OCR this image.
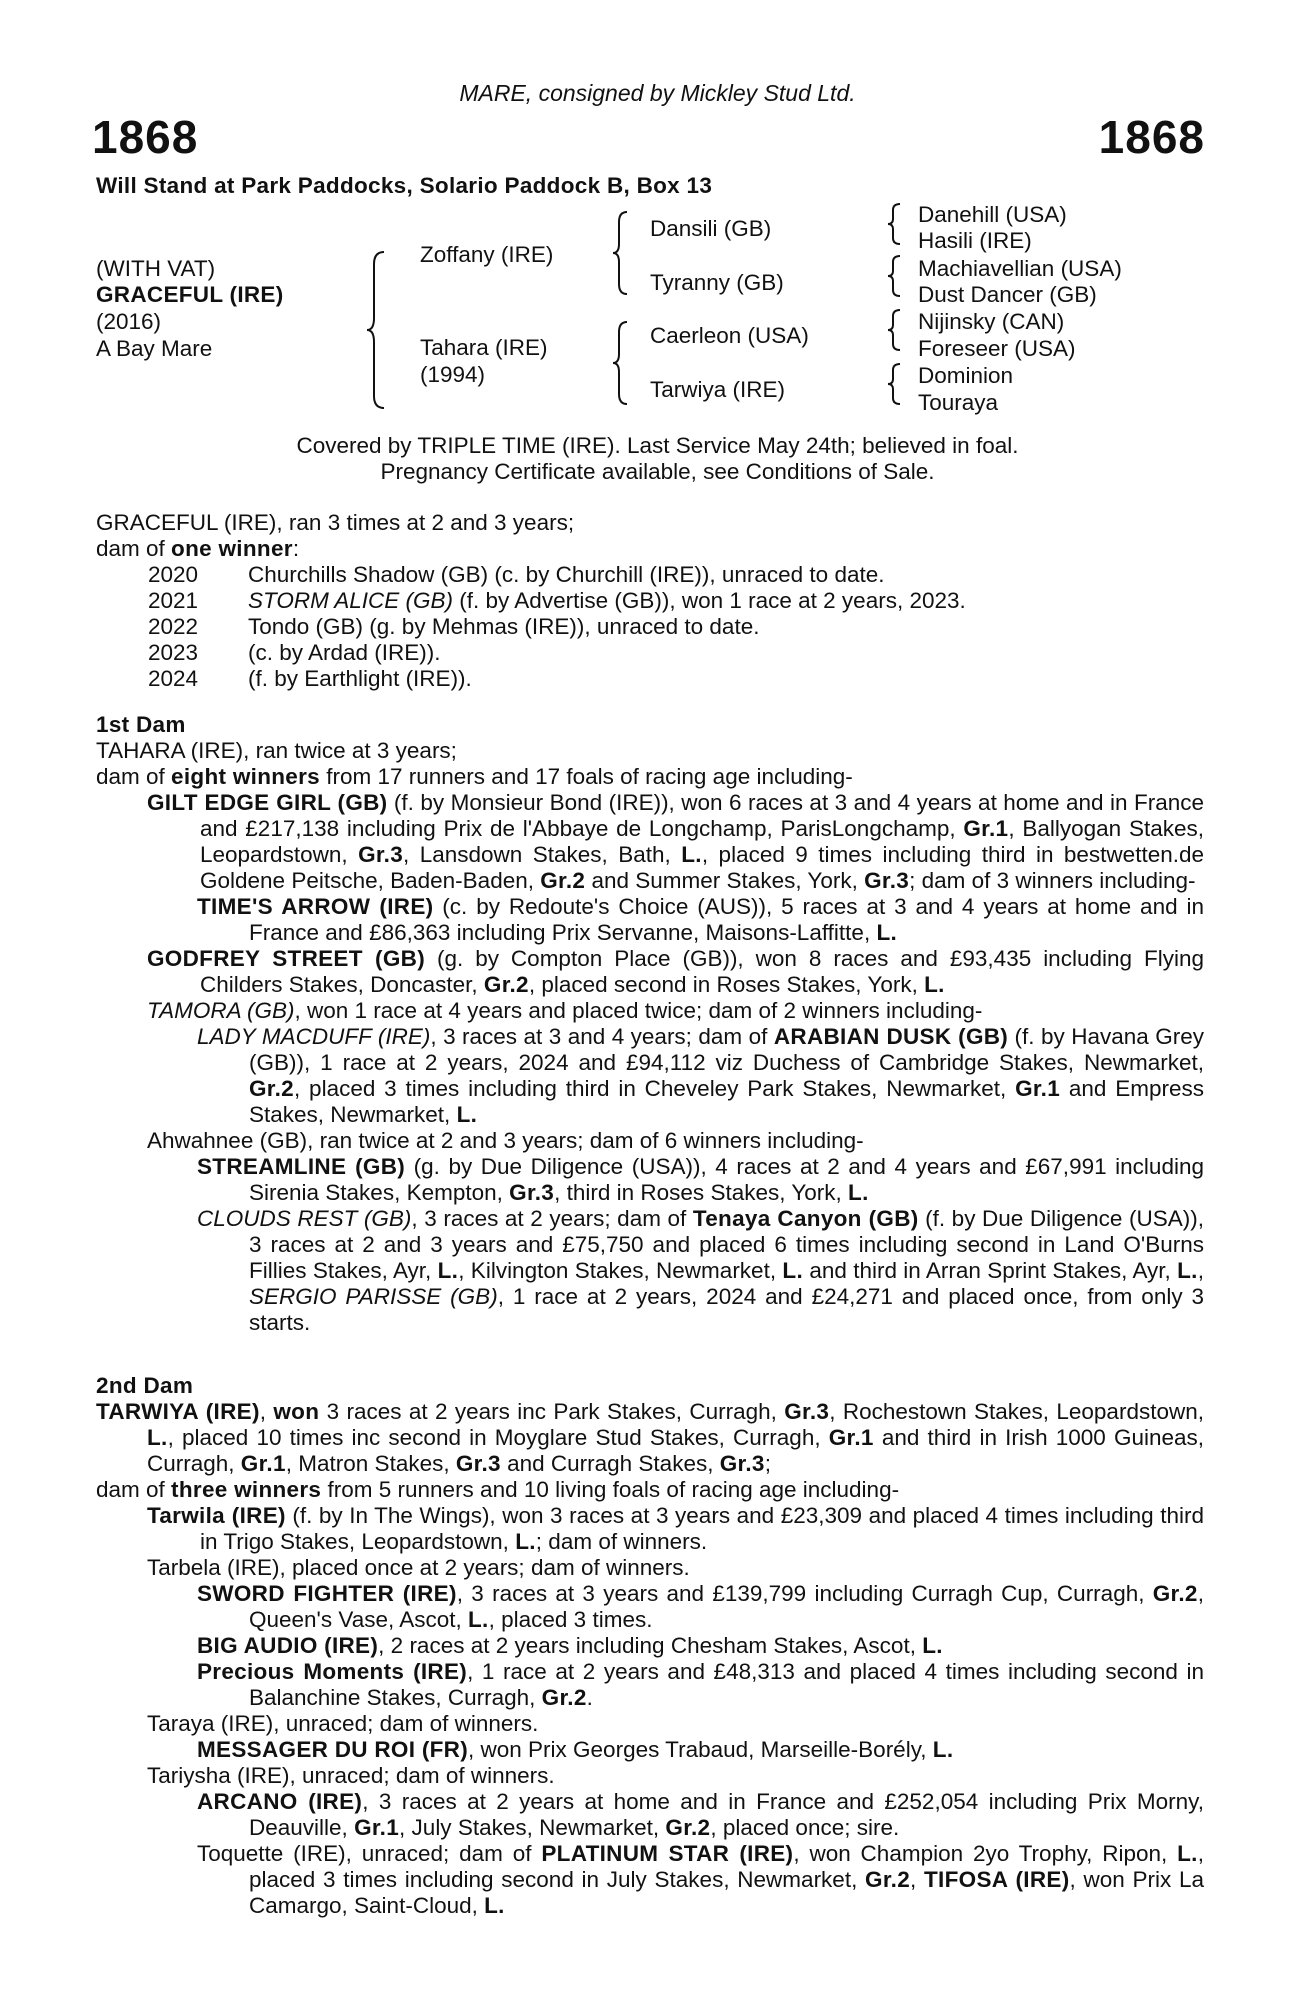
MARE, consigned by Mickley Stud Ltd.
1868	1868
Will Stand at Park Paddocks, Solario Paddock B, Box 13
(WITH VAT)
GRACEFUL (IRE)
(2016)
A Bay Mare
Zoffany (IRE)
Tahara (IRE)
(1994)
Dansili (GB)
Tyranny (GB)
Caerleon (USA)
Tarwiya (IRE)
Danehill (USA)
Hasili (IRE)
Machiavellian (USA)
Dust Dancer (GB)
Nijinsky (CAN)
Foreseer (USA)
Dominion
Touraya
Covered by TRIPLE TIME (IRE). Last Service May 24th; believed in foal.
Pregnancy Certificate available, see Conditions of Sale.
GRACEFUL (IRE), ran 3 times at 2 and 3 years;
dam of one winner:
2020	Churchills Shadow (GB) (c. by Churchill (IRE)), unraced to date.
2021	STORM ALICE (GB) (f. by Advertise (GB)), won 1 race at 2 years, 2023.
2022	Tondo (GB) (g. by Mehmas (IRE)), unraced to date.
2023	(c. by Ardad (IRE)).
2024	(f. by Earthlight (IRE)).
1st Dam
TAHARA (IRE), ran twice at 3 years;
dam of eight winners from 17 runners and 17 foals of racing age including-
GILT EDGE GIRL (GB) (f. by Monsieur Bond (IRE)), won 6 races at 3 and 4 years at home and in France and £217,138 including Prix de l'Abbaye de Longchamp, ParisLongchamp, Gr.1, Ballyogan Stakes, Leopardstown, Gr.3, Lansdown Stakes, Bath, L., placed 9 times including third in bestwetten.de Goldene Peitsche, Baden-Baden, Gr.2 and Summer Stakes, York, Gr.3; dam of 3 winners including-
TIME'S ARROW (IRE) (c. by Redoute's Choice (AUS)), 5 races at 3 and 4 years at home and in France and £86,363 including Prix Servanne, Maisons-Laffitte, L.
GODFREY STREET (GB) (g. by Compton Place (GB)), won 8 races and £93,435 including Flying Childers Stakes, Doncaster, Gr.2, placed second in Roses Stakes, York, L.
TAMORA (GB), won 1 race at 4 years and placed twice; dam of 2 winners including-
LADY MACDUFF (IRE), 3 races at 3 and 4 years; dam of ARABIAN DUSK (GB) (f. by Havana Grey (GB)), 1 race at 2 years, 2024 and £94,112 viz Duchess of Cambridge Stakes, Newmarket, Gr.2, placed 3 times including third in Cheveley Park Stakes, Newmarket, Gr.1 and Empress Stakes, Newmarket, L.
Ahwahnee (GB), ran twice at 2 and 3 years; dam of 6 winners including-
STREAMLINE (GB) (g. by Due Diligence (USA)), 4 races at 2 and 4 years and £67,991 including Sirenia Stakes, Kempton, Gr.3, third in Roses Stakes, York, L.
CLOUDS REST (GB), 3 races at 2 years; dam of Tenaya Canyon (GB) (f. by Due Diligence (USA)), 3 races at 2 and 3 years and £75,750 and placed 6 times including second in Land O'Burns Fillies Stakes, Ayr, L., Kilvington Stakes, Newmarket, L. and third in Arran Sprint Stakes, Ayr, L., SERGIO PARISSE (GB), 1 race at 2 years, 2024 and £24,271 and placed once, from only 3 starts.
2nd Dam
TARWIYA (IRE), won 3 races at 2 years inc Park Stakes, Curragh, Gr.3, Rochestown Stakes, Leopardstown, L., placed 10 times inc second in Moyglare Stud Stakes, Curragh, Gr.1 and third in Irish 1000 Guineas, Curragh, Gr.1, Matron Stakes, Gr.3 and Curragh Stakes, Gr.3;
dam of three winners from 5 runners and 10 living foals of racing age including-
Tarwila (IRE) (f. by In The Wings), won 3 races at 3 years and £23,309 and placed 4 times including third in Trigo Stakes, Leopardstown, L.; dam of winners.
Tarbela (IRE), placed once at 2 years; dam of winners.
SWORD FIGHTER (IRE), 3 races at 3 years and £139,799 including Curragh Cup, Curragh, Gr.2, Queen's Vase, Ascot, L., placed 3 times.
BIG AUDIO (IRE), 2 races at 2 years including Chesham Stakes, Ascot, L.
Precious Moments (IRE), 1 race at 2 years and £48,313 and placed 4 times including second in Balanchine Stakes, Curragh, Gr.2.
Taraya (IRE), unraced; dam of winners.
MESSAGER DU ROI (FR), won Prix Georges Trabaud, Marseille-Borély, L.
Tariysha (IRE), unraced; dam of winners.
ARCANO (IRE), 3 races at 2 years at home and in France and £252,054 including Prix Morny, Deauville, Gr.1, July Stakes, Newmarket, Gr.2, placed once; sire.
Toquette (IRE), unraced; dam of PLATINUM STAR (IRE), won Champion 2yo Trophy, Ripon, L., placed 3 times including second in July Stakes, Newmarket, Gr.2, TIFOSA (IRE), won Prix La Camargo, Saint-Cloud, L.
